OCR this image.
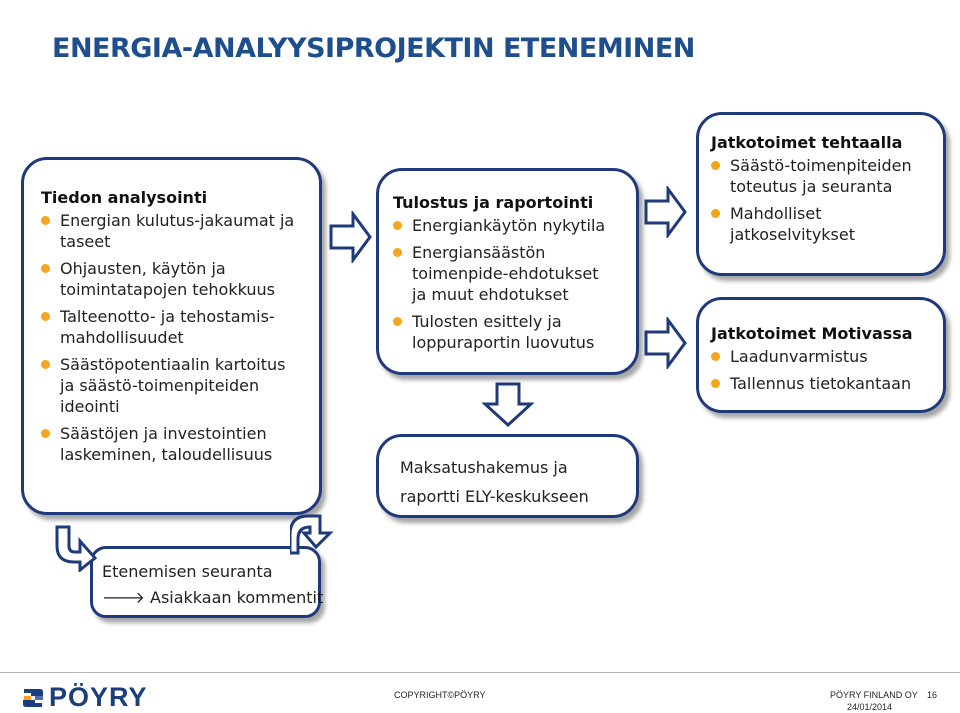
ENERGIA-ANALYYSIPROJEKTIN ETENEMINEN
Tiedon analysointi
Energian kulutus-jakaumat ja taseet
Ohjausten, käytön ja toimintatapojen tehokkuus
Talteenotto- ja tehostamis-mahdollisuudet
Säästöpotentiaalin kartoitus ja säästö-toimenpiteiden ideointi
Säästöjen ja investointien laskeminen, taloudellisuus
Tulostus ja raportointi
Energiankäytön nykytila
Energiansäästön toimenpide-ehdotukset ja muut ehdotukset
Tulosten esittely ja loppuraportin luovutus
Maksatushakemus ja
raportti ELY-keskukseen
Jatkotoimet tehtaalla
Säästö-toimenpiteiden toteutus ja seuranta
Mahdolliset jatkoselvitykset
Jatkotoimet Motivassa
Laadunvarmistus
Tallennus tietokantaan
Etenemisen seuranta
🡒 Asiakkaan kommentit
PÖYRY	COPYRIGHT©PÖYRY	PÖYRY FINLAND OY
24/01/2014
16
